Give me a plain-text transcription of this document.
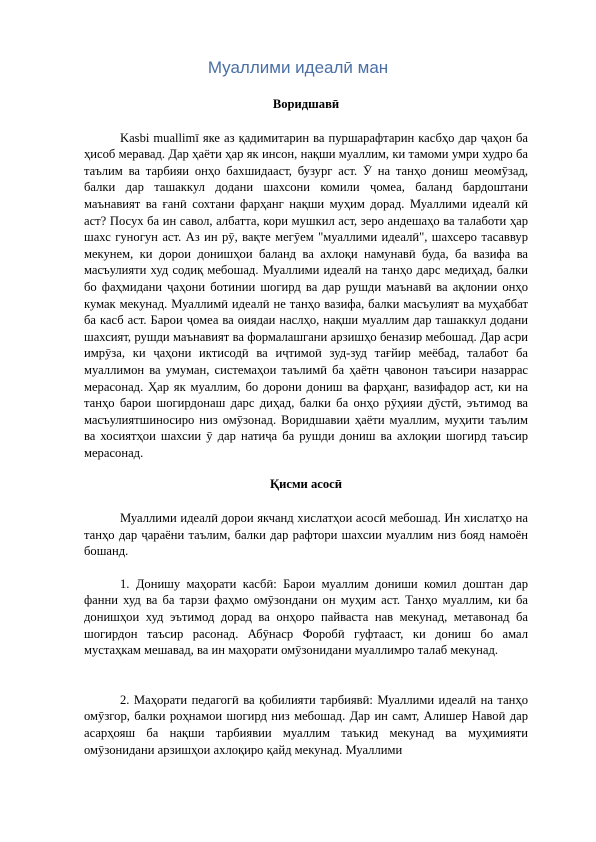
Муаллими идеалӣ ман
Воридшавӣ

Kasbi muallimī яке аз қадимитарин ва пуршарафтарин касбҳо дар ҷаҳон ба ҳисоб меравад. Дар ҳаёти ҳар як инсон, нақши муаллим, ки тамоми умри худро ба таълим ва тарбияи онҳо бахшидааст, бузург аст. Ӯ на танҳо дониш меомӯзад, балки дар ташаккул додани шахсони комили ҷомеа, баланд бардоштани маънавият ва ғанӣ сохтани фарҳанг нақши муҳим дорад. Муаллими идеалӣ кӣ аст? Посух ба ин савол, албатта, кори мушкил аст, зеро андешаҳо ва талаботи ҳар шахс гуногун аст. Аз ин рӯ, вақте мегӯем "муаллими идеалӣ", шахсеро тасаввур мекунем, ки дорои донишҳои баланд ва ахлоқи намунавӣ буда, ба вазифа ва масъулияти худ содиқ мебошад. Муаллими идеалӣ на танҳо дарс медиҳад, балки бо фаҳмидани ҷаҳони ботинии шогирд ва дар рушди маънавӣ ва ақлонии онҳо кумак мекунад. Муаллимӣ идеалӣ не танҳо вазифа, балки масъулият ва муҳаббат ба касб аст. Барои ҷомеа ва оиядаи наслҳо, нақши муаллим дар ташаккул додани шахсият, рушди маънавият ва формалашгани арзишҳо беназир мебошад. Дар асри имрӯза, ки ҷаҳони иктисодӣ ва иҷтимоӣ зуд-зуд тағйир меёбад, талабот ба муаллимон ва умуман, системаҳои таълимӣ ба ҳаётн ҷавонон таъсири назаррас мерасонад. Ҳар як муаллим, бо дорони дониш ва фарҳанг, вазифадор аст, ки на танҳо барои шогирдонаш дарс диҳад, балки ба онҳо рӯҳияи дӯстӣ, эътимод ва масъулиятшиносиро низ омӯзонад. Воридшавии ҳаёти муаллим, муҳити таълим ва хосиятҳои шахсии ӯ дар натиҷа ба рушди дониш ва ахлоқии шогирд таъсир мерасонад.

Қисми асосӣ

Муаллими идеалӣ дорои якчанд хислатҳои асосӣ мебошад. Ин хислатҳо на танҳо дар ҷараёни таълим, балки дар рафтори шахсии муаллим низ бояд намоён бошанд.

1. Донишу маҳорати касбӣ: Барои муаллим дониши комил доштан дар фанни худ ва ба тарзи фаҳмо омӯзондани он муҳим аст. Танҳо муаллим, ки ба донишҳои худ эътимод дорад ва онҳоро пайваста нав мекунад, метавонад ба шогирдон таъсир расонад. Абӯнаср Форобӣ гуфтааст, ки дониш бо амал мустаҳкам мешавад, ва ин маҳорати омӯзонидани муаллимро талаб мекунад.

2. Маҳорати педагогӣ ва қобилияти тарбиявӣ: Муаллими идеалӣ на танҳо омӯзгор, балки роҳнамои шогирд низ мебошад. Дар ин самт, Алишер Навоӣ дар асарҳояш ба нақши тарбиявии муаллим таъкид мекунад ва муҳимияти омӯзонидани арзишҳои ахлоқиро қайд мекунад. Муаллими
